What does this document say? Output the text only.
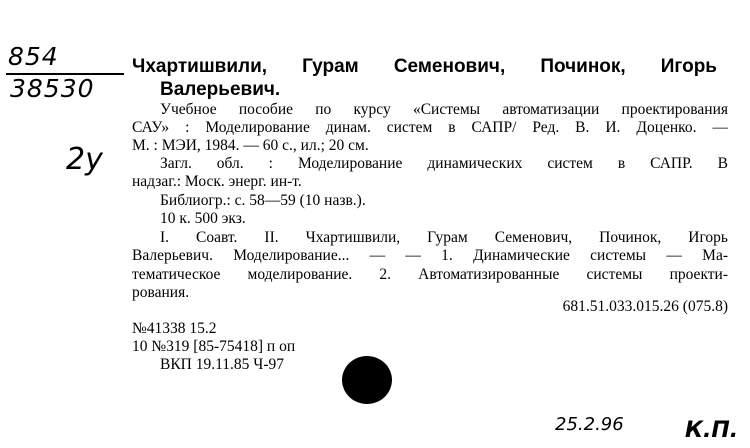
854
38530
2у
Чхартишвили, Гурам Семенович, Починок, Игорь
Валерьевич.
Учебное пособие по курсу «Системы автоматизации проектирования
САУ» : Моделирование динам. систем в САПР/ Ред. В. И. Доценко. —
М. : МЭИ, 1984. — 60 с., ил.; 20 см.
Загл. обл. : Моделирование динамических систем в САПР. В
надзаг.: Моск. энерг. ин-т.
Библиогр.: с. 58—59 (10 назв.).
10 к. 500 экз.
I. Соавт. II. Чхартишвили, Гурам Семенович, Починок, Игорь
Валерьевич. Моделирование... — — 1. Динамические системы — Ма-
тематическое моделирование. 2. Автоматизированные системы проекти-
рования.
681.51.033.015.26 (075.8)
№41338 15.2
10 №319 [85-75418] п оп
ВКП 19.11.85 Ч-97
25.2.96	К.П.
